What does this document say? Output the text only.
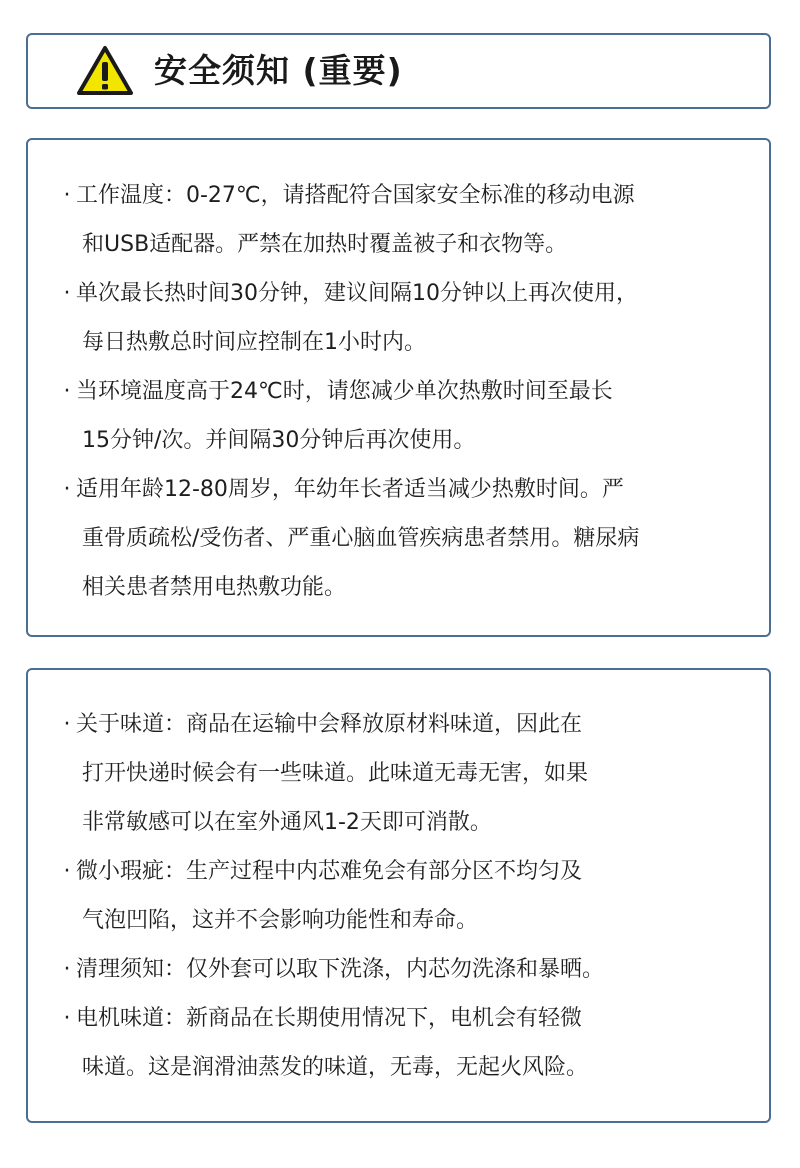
安全须知 (重要)
· 工作温度：0-27℃，请搭配符合国家安全标准的移动电源
和USB适配器。严禁在加热时覆盖被子和衣物等。
· 单次最长热时间30分钟，建议间隔10分钟以上再次使用，
每日热敷总时间应控制在1小时内。
· 当环境温度高于24℃时，请您减少单次热敷时间至最长
15分钟/次。并间隔30分钟后再次使用。
· 适用年龄12-80周岁，年幼年长者适当减少热敷时间。严
重骨质疏松/受伤者、严重心脑血管疾病患者禁用。糖尿病
相关患者禁用电热敷功能。
· 关于味道：商品在运输中会释放原材料味道，因此在
打开快递时候会有一些味道。此味道无毒无害，如果
非常敏感可以在室外通风1-2天即可消散。
· 微小瑕疵：生产过程中内芯难免会有部分区不均匀及
气泡凹陷，这并不会影响功能性和寿命。
· 清理须知：仅外套可以取下洗涤，内芯勿洗涤和暴晒。
· 电机味道：新商品在长期使用情况下，电机会有轻微
味道。这是润滑油蒸发的味道，无毒，无起火风险。
